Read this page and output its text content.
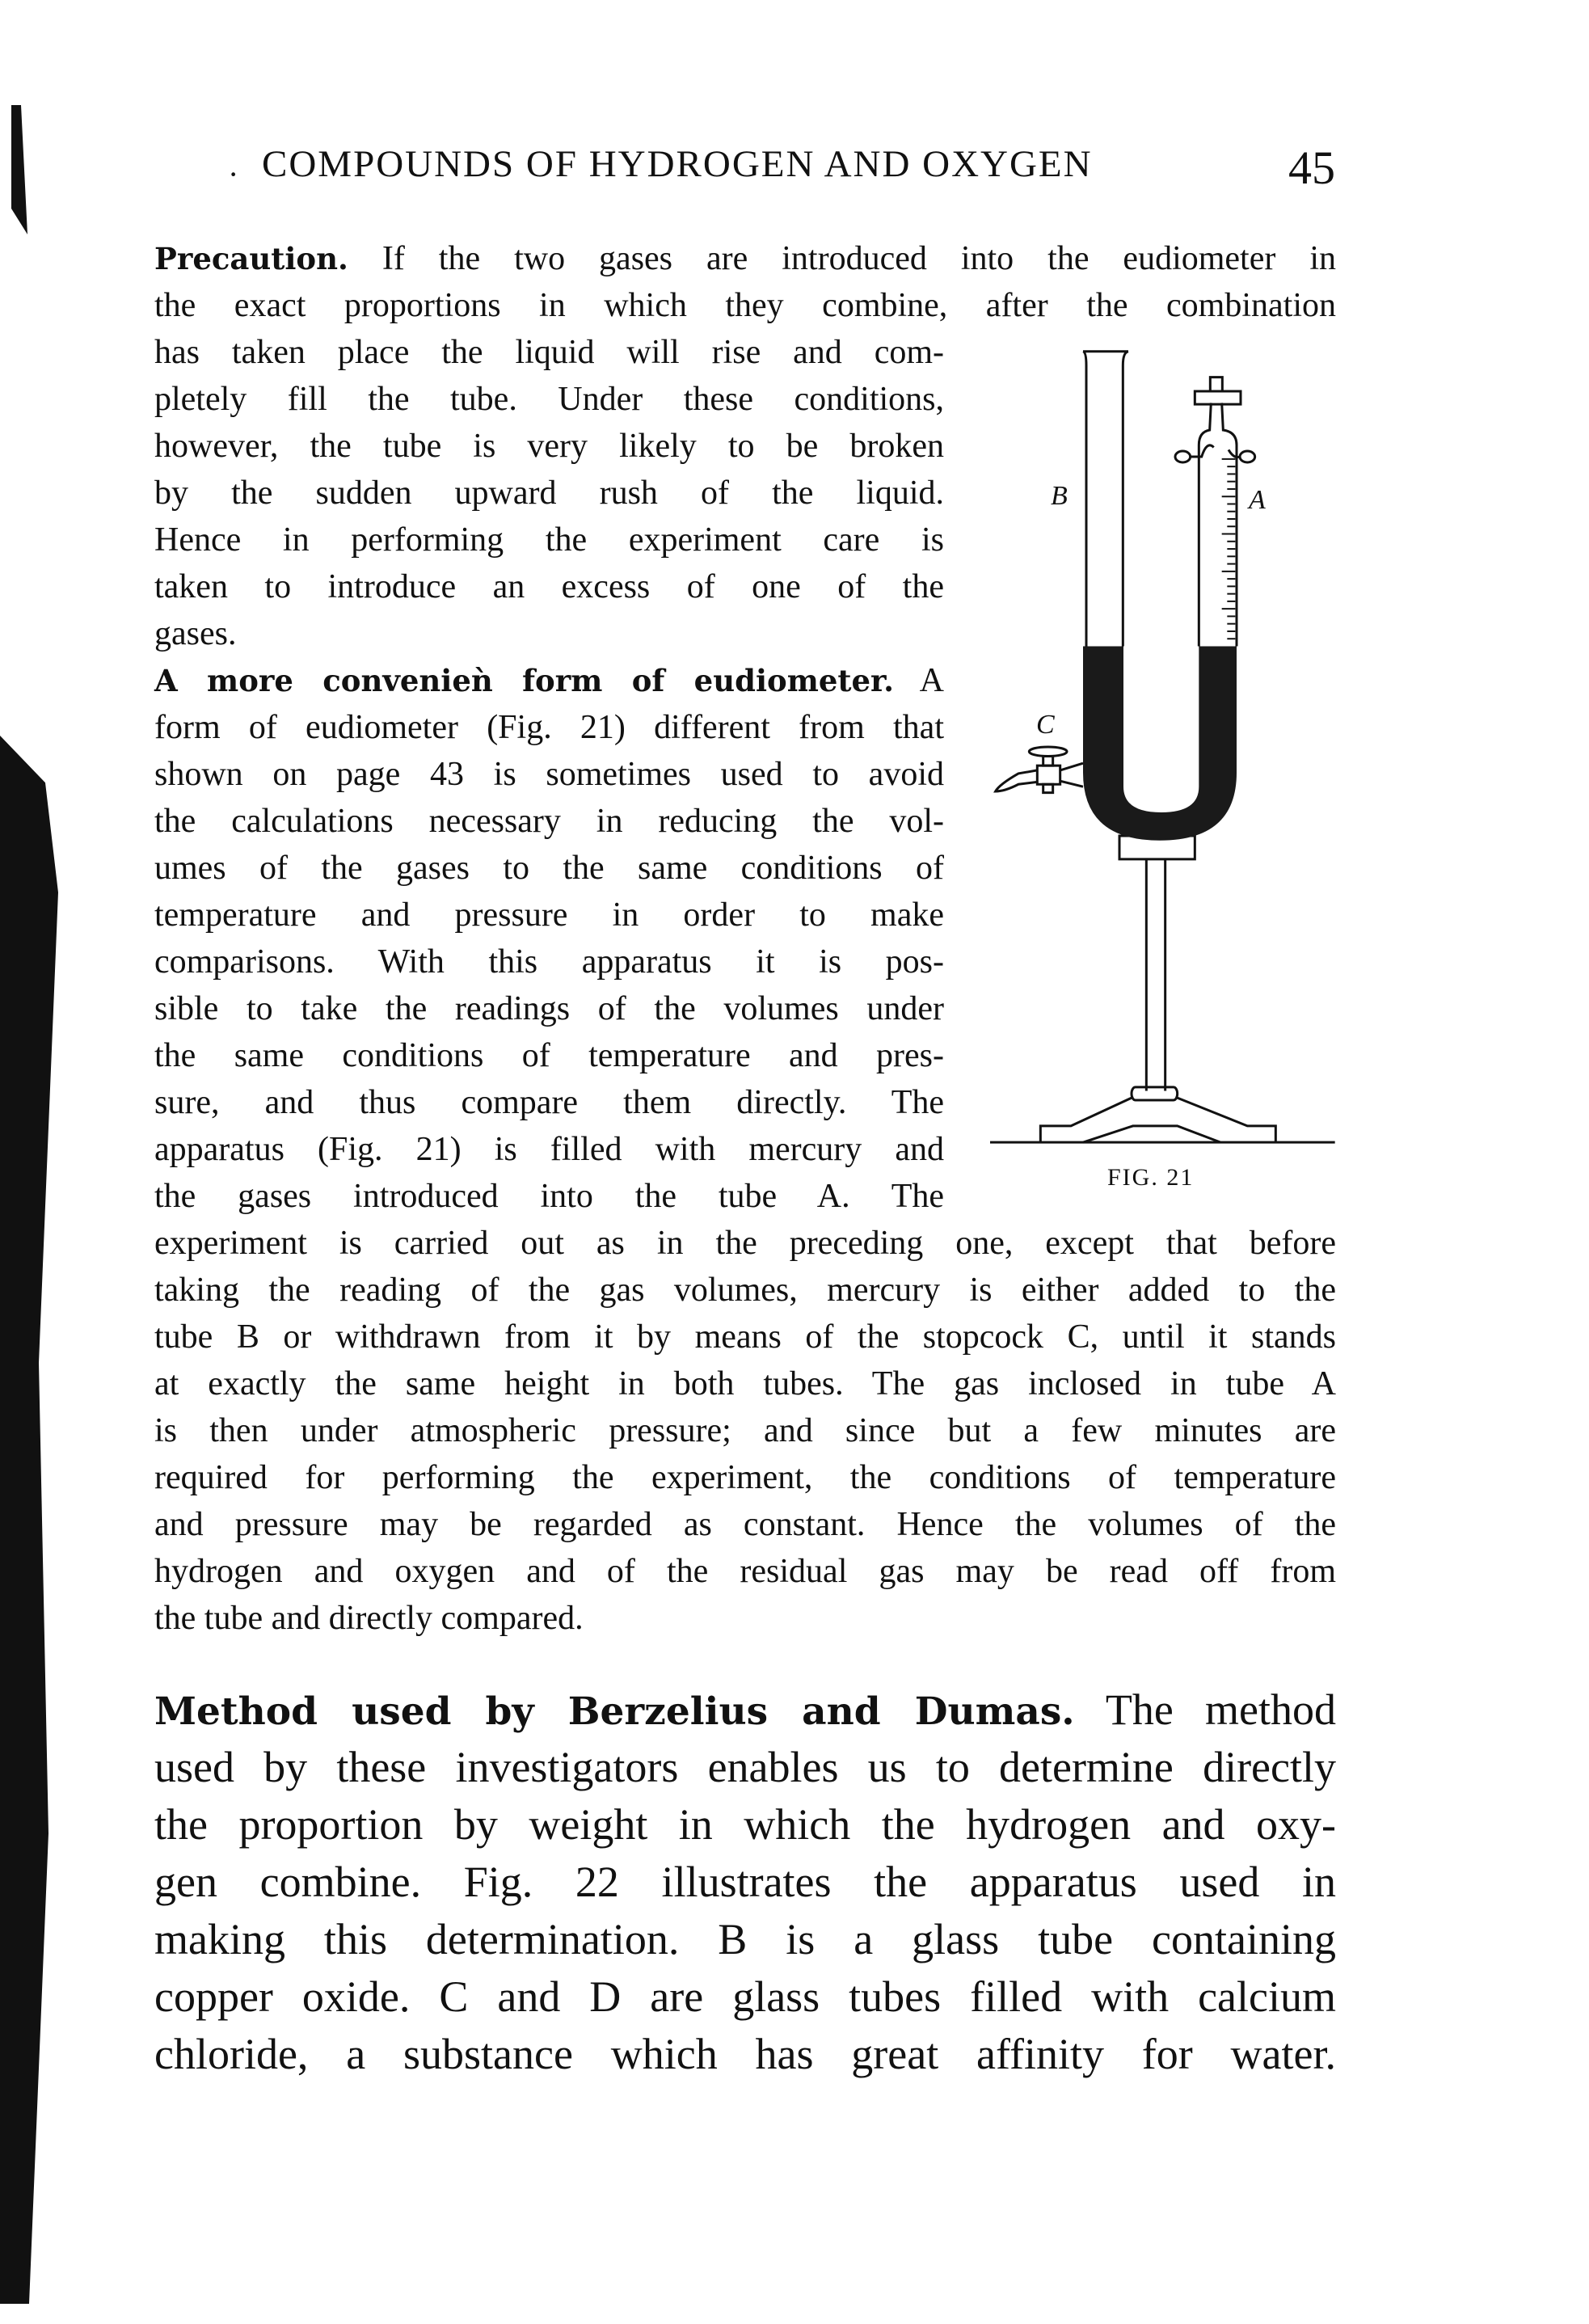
· COMPOUNDS OF HYDROGEN AND OXYGEN	45
Precaution. If the two gases are introduced into the eudiometer in
the exact proportions in which they combine, after the combination
has taken place the liquid will rise and com-
pletely fill the tube. Under these conditions,
however, the tube is very likely to be broken
by the sudden upward rush of the liquid.
Hence in performing the experiment care is
taken to introduce an excess of one of the
gases.
A more convenieǹ form of eudiometer. A
form of eudiometer (Fig. 21) different from that
shown on page 43 is sometimes used to avoid
the calculations necessary in reducing the vol-
umes of the gases to the same conditions of
temperature and pressure in order to make
comparisons. With this apparatus it is pos-
sible to take the readings of the volumes under
the same conditions of temperature and pres-
sure, and thus compare them directly. The
apparatus (Fig. 21) is filled with mercury and
the gases introduced into the tube A. The
experiment is carried out as in the preceding one, except that before
taking the reading of the gas volumes, mercury is either added to the
tube B or withdrawn from it by means of the stopcock C, until it stands
at exactly the same height in both tubes. The gas inclosed in tube A
is then under atmospheric pressure; and since but a few minutes are
required for performing the experiment, the conditions of temperature
and pressure may be regarded as constant. Hence the volumes of the
hydrogen and oxygen and of the residual gas may be read off from
the tube and directly compared.
B	A
C
FIG. 21
Method used by Berzelius and Dumas. The method
used by these investigators enables us to determine directly
the proportion by weight in which the hydrogen and oxy-
gen combine. Fig. 22 illustrates the apparatus used in
making this determination. B is a glass tube containing
copper oxide. C and D are glass tubes filled with calcium
chloride, a substance which has great affinity for water.
